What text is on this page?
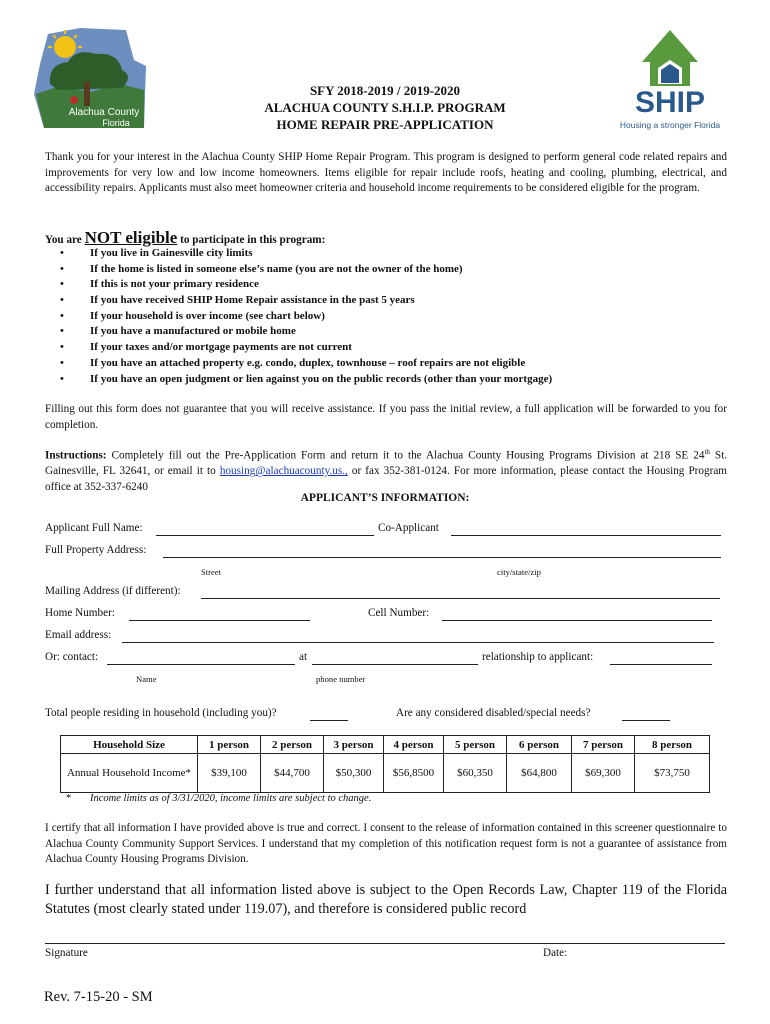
Alachua County
Florida
SHIP
Housing a stronger Florida
SFY 2018-2019 / 2019-2020
ALACHUA COUNTY S.H.I.P. PROGRAM
HOME REPAIR PRE-APPLICATION
Thank you for your interest in the Alachua County SHIP Home Repair Program. This program is designed to perform general code related repairs and improvements for very low and low income homeowners. Items eligible for repair include roofs, heating and cooling, plumbing, electrical, and accessibility repairs. Applicants must also meet homeowner criteria and household income requirements to be considered eligible for the program.
You are NOT eligible to participate in this program:
• If you live in Gainesville city limits
• If the home is listed in someone else’s name (you are not the owner of the home)
• If this is not your primary residence
• If you have received SHIP Home Repair assistance in the past 5 years
• If your household is over income (see chart below)
• If you have a manufactured or mobile home
• If your taxes and/or mortgage payments are not current
• If you have an attached property e.g. condo, duplex, townhouse – roof repairs are not eligible
• If you have an open judgment or lien against you on the public records (other than your mortgage)
Filling out this form does not guarantee that you will receive assistance. If you pass the initial review, a full application will be forwarded to you for completion.
Instructions: Completely fill out the Pre-Application Form and return it to the Alachua County Housing Programs Division at 218 SE 24th St. Gainesville, FL 32641, or email it to housing@alachuacounty.us., or fax 352-381-0124. For more information, please contact the Housing Program office at 352-337-6240
APPLICANT’S INFORMATION:
Applicant Full Name:	Co-Applicant
Full Property Address:
Street	city/state/zip
Mailing Address (if different):
Home Number:	Cell Number:
Email address:
Or: contact:	at	relationship to applicant:
Name	phone number
Total people residing in household (including you)?	Are any considered disabled/special needs?
Household Size	1 person	2 person	3 person	4 person	5 person	6 person	7 person	8 person
Annual Household Income*	$39,100	$44,700	$50,300	$56,8500	$60,350	$64,800	$69,300	$73,750
* Income limits as of 3/31/2020, income limits are subject to change.
I certify that all information I have provided above is true and correct. I consent to the release of information contained in this screener questionnaire to Alachua County Community Support Services. I understand that my completion of this notification request form is not a guarantee of assistance from Alachua County Housing Programs Division.
I further understand that all information listed above is subject to the Open Records Law, Chapter 119 of the Florida Statutes (most clearly stated under 119.07), and therefore is considered public record
Signature	Date:
Rev. 7-15-20 - SM
